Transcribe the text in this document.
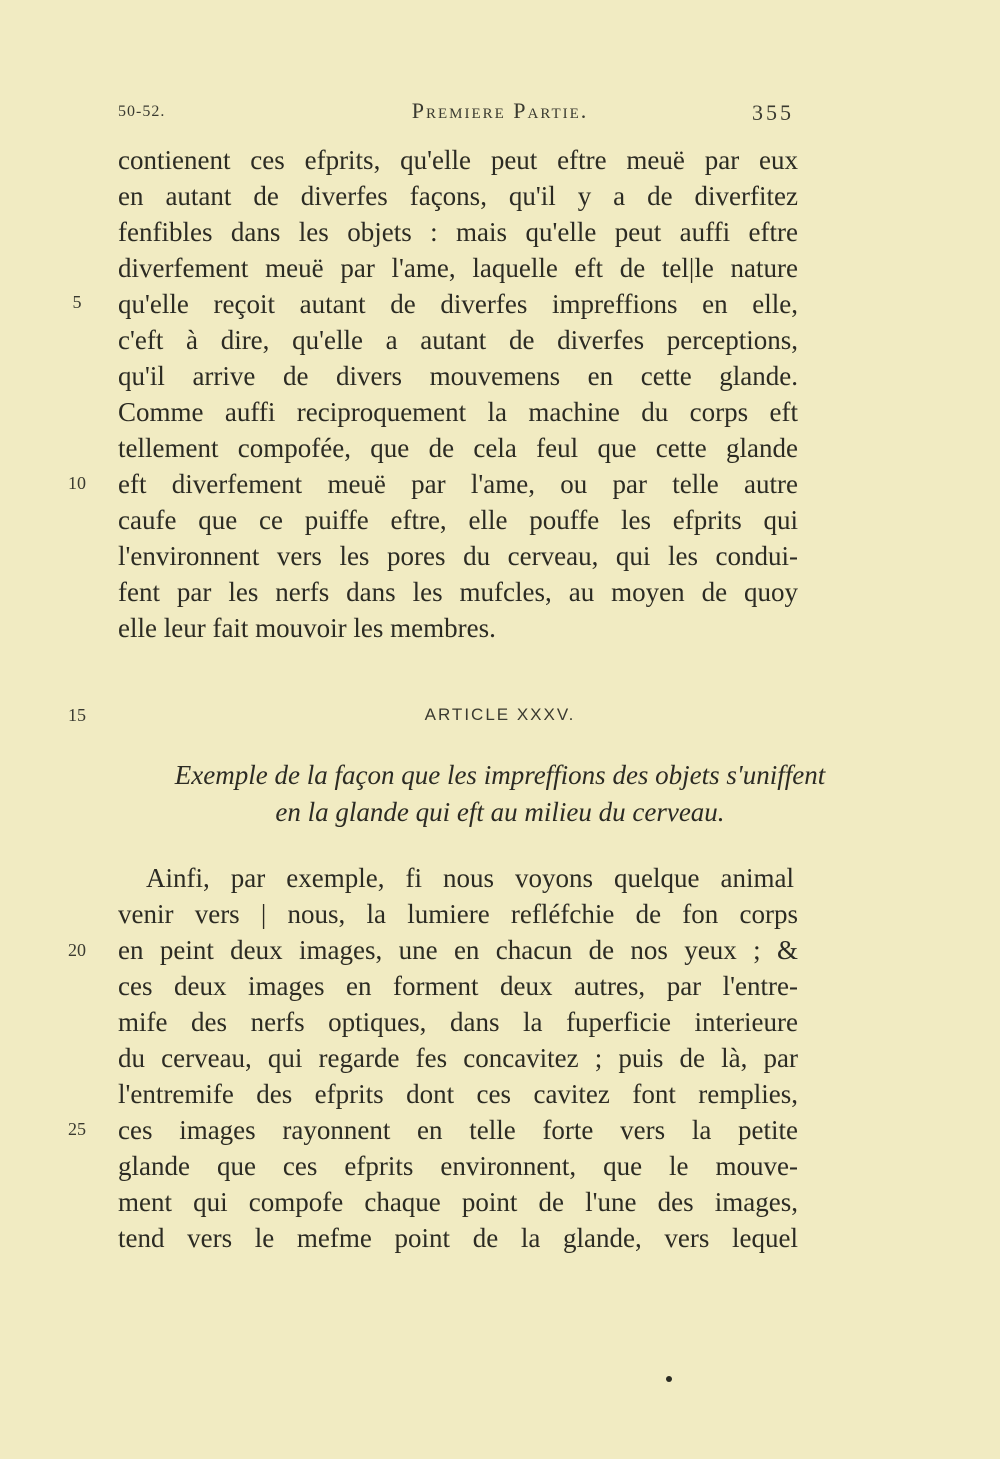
50-52.	Premiere Partie.	355
contienent ces efprits, qu'elle peut eftre meuë par eux
en autant de diverfes façons, qu'il y a de diverfitez
fenfibles dans les objets : mais qu'elle peut auffi eftre
diverfement meuë par l'ame, laquelle eft de tel|le nature
qu'elle reçoit autant de diverfes impreffions en elle,
c'eft à dire, qu'elle a autant de diverfes perceptions,
qu'il arrive de divers mouvemens en cette glande.
Comme auffi reciproquement la machine du corps eft
tellement compofée, que de cela feul que cette glande
eft diverfement meuë par l'ame, ou par telle autre
caufe que ce puiffe eftre, elle pouffe les efprits qui
l'environnent vers les pores du cerveau, qui les condui-
fent par les nerfs dans les mufcles, au moyen de quoy
elle leur fait mouvoir les membres.
5
10
15
20
25
ARTICLE XXXV.
Exemple de la façon que les impreffions des objets s'uniffent
en la glande qui eft au milieu du cerveau.
Ainfi, par exemple, fi nous voyons quelque animal
venir vers | nous, la lumiere refléfchie de fon corps
en peint deux images, une en chacun de nos yeux ; &
ces deux images en forment deux autres, par l'entre-
mife des nerfs optiques, dans la fuperficie interieure
du cerveau, qui regarde fes concavitez ; puis de là, par
l'entremife des efprits dont ces cavitez font remplies,
ces images rayonnent en telle forte vers la petite
glande que ces efprits environnent, que le mouve-
ment qui compofe chaque point de l'une des images,
tend vers le mefme point de la glande, vers lequel
